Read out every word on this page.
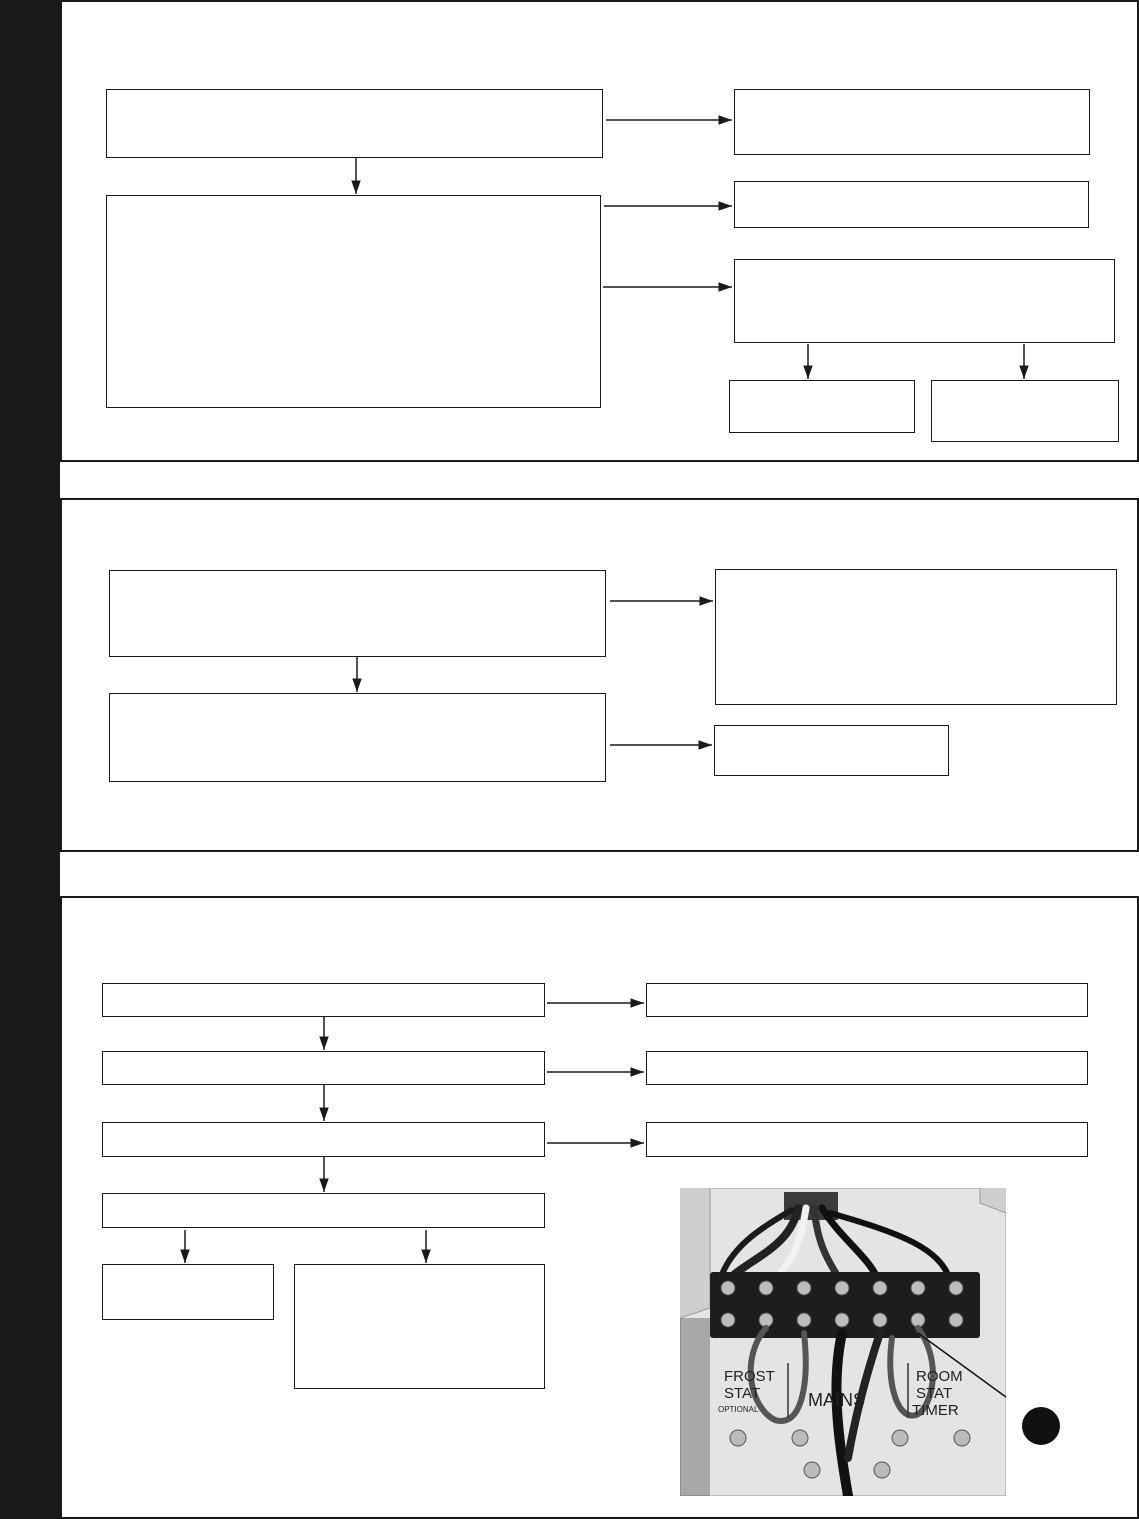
FROST
STAT
OPTIONAL	MAINS
ROOM
STAT
TIMER
